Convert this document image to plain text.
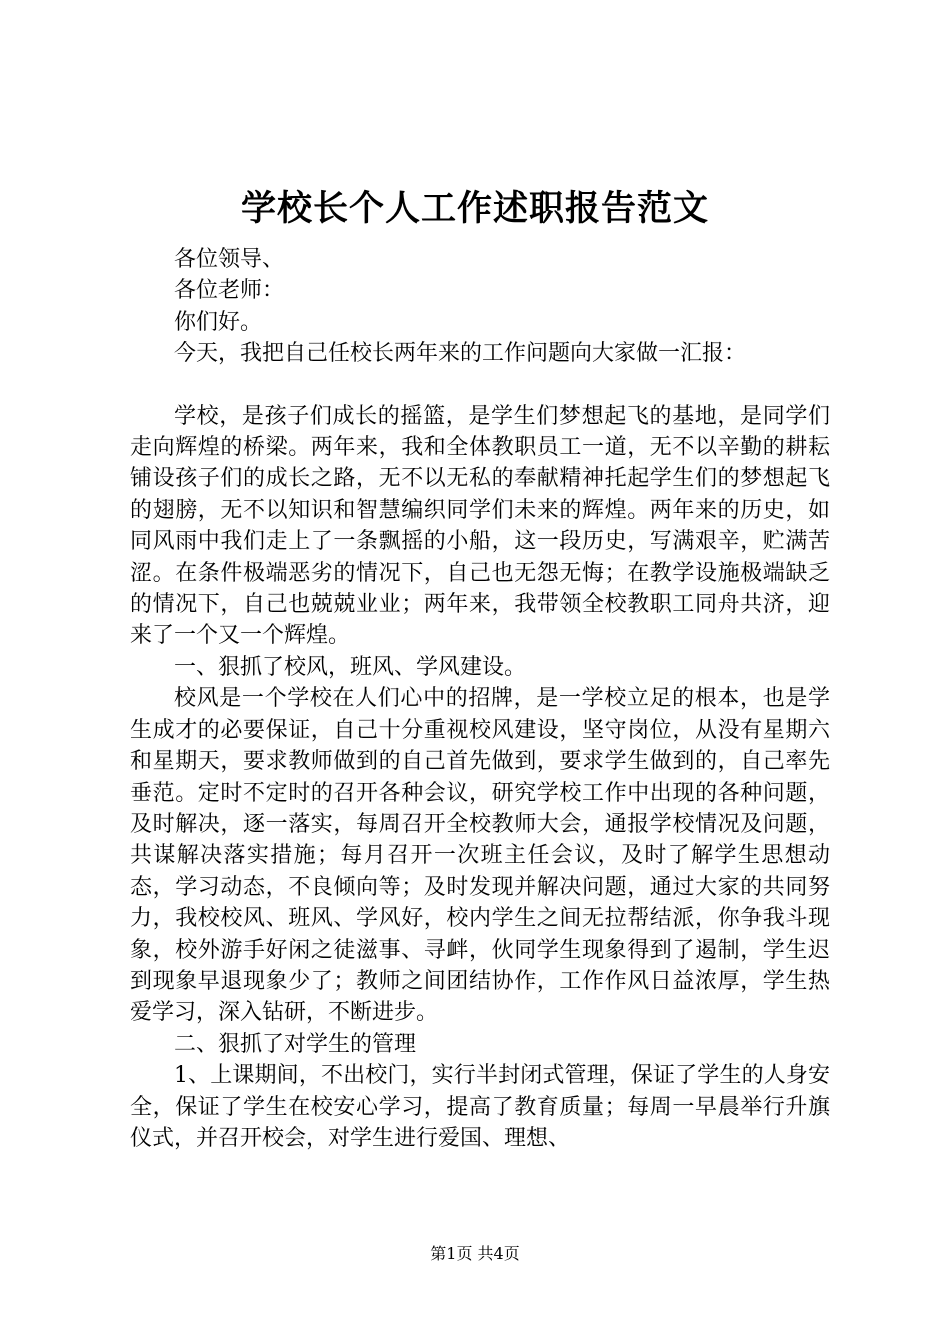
学校长个人工作述职报告范文

各位领导、

各位老师：

你们好。

今天，我把自己任校长两年来的工作问题向大家做一汇报：

学校，是孩子们成长的摇篮，是学生们梦想起飞的基地，是同学们走向辉煌的桥梁。两年来，我和全体教职员工一道，无不以辛勤的耕耘铺设孩子们的成长之路，无不以无私的奉献精神托起学生们的梦想起飞的翅膀，无不以知识和智慧编织同学们未来的辉煌。两年来的历史，如同风雨中我们走上了一条飘摇的小船，这一段历史，写满艰辛，贮满苦涩。在条件极端恶劣的情况下，自己也无怨无悔；在教学设施极端缺乏的情况下，自己也兢兢业业；两年来，我带领全校教职工同舟共济，迎来了一个又一个辉煌。

一、狠抓了校风，班风、学风建设。

校风是一个学校在人们心中的招牌，是一学校立足的根本，也是学生成才的必要保证，自己十分重视校风建设，坚守岗位，从没有星期六和星期天，要求教师做到的自己首先做到，要求学生做到的，自己率先垂范。定时不定时的召开各种会议，研究学校工作中出现的各种问题，及时解决，逐一落实，每周召开全校教师大会，通报学校情况及问题，共谋解决落实措施；每月召开一次班主任会议，及时了解学生思想动态，学习动态，不良倾向等；及时发现并解决问题，通过大家的共同努力，我校校风、班风、学风好，校内学生之间无拉帮结派，你争我斗现象，校外游手好闲之徒滋事、寻衅，伙同学生现象得到了遏制，学生迟到现象早退现象少了；教师之间团结协作，工作作风日益浓厚，学生热爱学习，深入钻研，不断进步。

二、狠抓了对学生的管理

1、上课期间，不出校门，实行半封闭式管理，保证了学生的人身安全，保证了学生在校安心学习，提高了教育质量；每周一早晨举行升旗仪式，并召开校会，对学生进行爱国、理想、

第1页 共4页
